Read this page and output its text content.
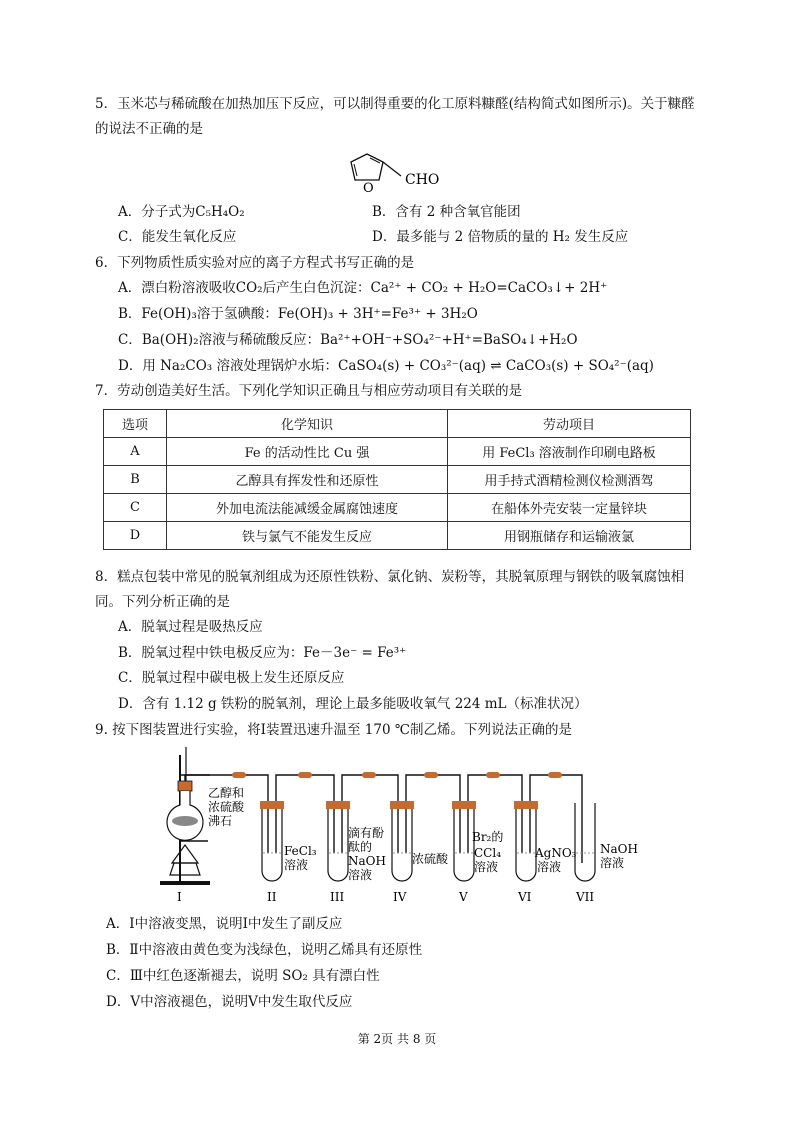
5．玉米芯与稀硫酸在加热加压下反应，可以制得重要的化工原料糠醛(结构简式如图所示)。关于糠醛
的说法不正确的是
O
CHO
A．分子式为C₅H₄O₂	B．含有 2 种含氧官能团
C．能发生氧化反应	D．最多能与 2 倍物质的量的 H₂ 发生反应
6．下列物质性质实验对应的离子方程式书写正确的是
A．漂白粉溶液吸收CO₂后产生白色沉淀：Ca²⁺ + CO₂ + H₂O=CaCO₃↓+ 2H⁺
B．Fe(OH)₃溶于氢碘酸：Fe(OH)₃ + 3H⁺=Fe³⁺ + 3H₂O
C．Ba(OH)₂溶液与稀硫酸反应：Ba²⁺+OH⁻+SO₄²⁻+H⁺=BaSO₄↓+H₂O
D．用 Na₂CO₃ 溶液处理锅炉水垢：CaSO₄(s) + CO₃²⁻(aq) ⇌ CaCO₃(s) + SO₄²⁻(aq)
7．劳动创造美好生活。下列化学知识正确且与相应劳动项目有关联的是
选项	化学知识	劳动项目
A	Fe 的活动性比 Cu 强	用 FeCl₃ 溶液制作印刷电路板
B	乙醇具有挥发性和还原性	用手持式酒精检测仪检测酒驾
C	外加电流法能减缓金属腐蚀速度	在船体外壳安装一定量锌块
D	铁与氯气不能发生反应	用钢瓶储存和运输液氯
8．糕点包装中常见的脱氧剂组成为还原性铁粉、氯化钠、炭粉等，其脱氧原理与钢铁的吸氧腐蚀相
同。下列分析正确的是
A．脱氧过程是吸热反应
B．脱氧过程中铁电极反应为：Fe－3e⁻ = Fe³⁺
C．脱氧过程中碳电极上发生还原反应
D．含有 1.12 g 铁粉的脱氧剂，理论上最多能吸收氧气 224 mL（标准状况）
9. 按下图装置进行实验，将Ⅰ装置迅速升温至 170 ℃制乙烯。下列说法正确的是
I
乙醇和
浓硫酸
沸石
FeCl₃
溶液
滴有酚
酞的
NaOH
溶液
浓硫酸
Br₂的
CCl₄
溶液
AgNO₃
溶液
NaOH
溶液
II	III	IV	V	VI	VII
A．Ⅰ中溶液变黑，说明Ⅰ中发生了副反应
B．Ⅱ中溶液由黄色变为浅绿色，说明乙烯具有还原性
C．Ⅲ中红色逐渐褪去，说明 SO₂ 具有漂白性
D．Ⅴ中溶液褪色，说明Ⅴ中发生取代反应
第 2页 共 8 页
